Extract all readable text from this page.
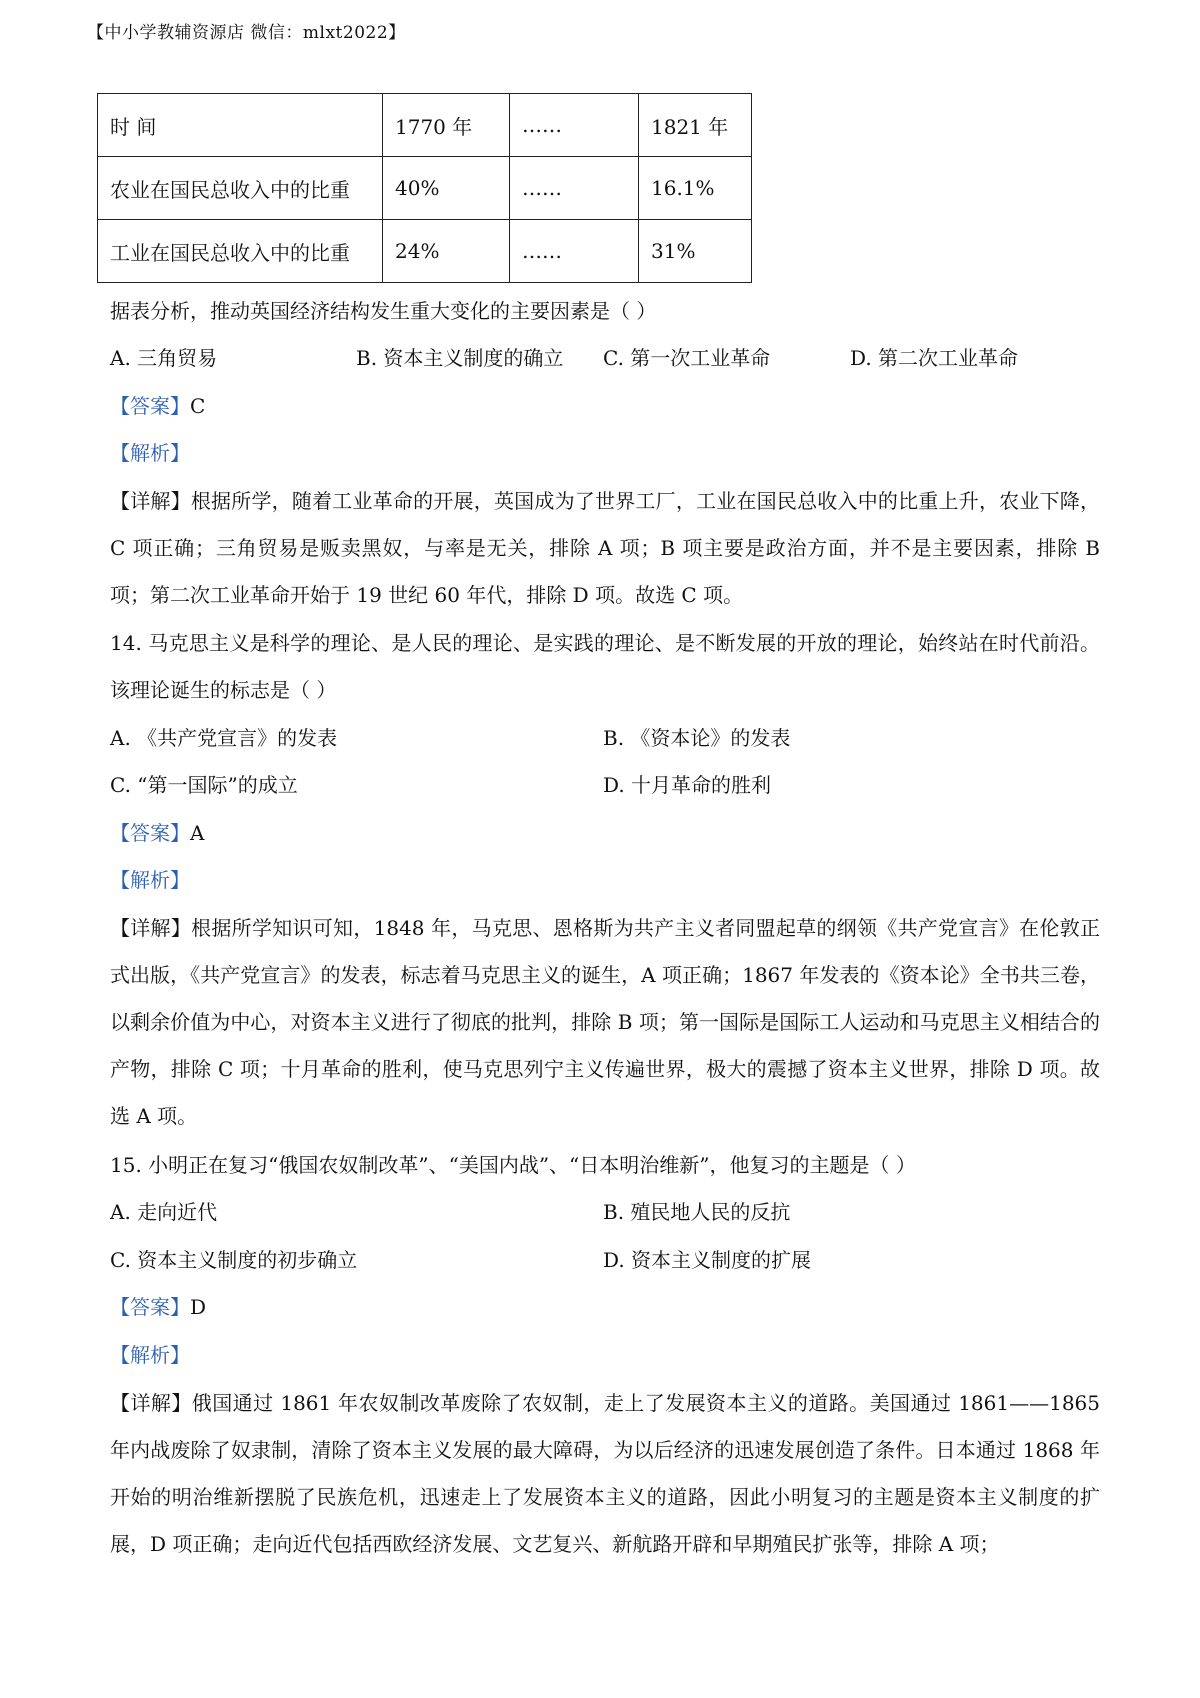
【中小学教辅资源店 微信：mlxt2022】
时 间	1770 年	……	1821 年
农业在国民总收入中的比重	40%	……	16.1%
工业在国民总收入中的比重	24%	……	31%
据表分析，推动英国经济结构发生重大变化的主要因素是（ ）
A. 三角贸易	B. 资本主义制度的确立 C. 第一次工业革命	D. 第二次工业革命
【答案】C
【解析】
【详解】根据所学，随着工业革命的开展，英国成为了世界工厂，工业在国民总收入中的比重上升，农业下降，C 项正确；三角贸易是贩卖黑奴，与率是无关，排除 A 项；B 项主要是政治方面，并不是主要因素，排除 B 项；第二次工业革命开始于 19 世纪 60 年代，排除 D 项。故选 C 项。
14. 马克思主义是科学的理论、是人民的理论、是实践的理论、是不断发展的开放的理论，始终站在时代前沿。该理论诞生的标志是（ ）
A. 《共产党宣言》的发表	B. 《资本论》的发表
C. “第一国际”的成立	D. 十月革命的胜利
【答案】A
【解析】
【详解】根据所学知识可知，1848 年，马克思、恩格斯为共产主义者同盟起草的纲领《共产党宣言》在伦敦正式出版，《共产党宣言》的发表，标志着马克思主义的诞生，A 项正确；1867 年发表的《资本论》全书共三卷，以剩余价值为中心，对资本主义进行了彻底的批判，排除 B 项；第一国际是国际工人运动和马克思主义相结合的产物，排除 C 项；十月革命的胜利，使马克思列宁主义传遍世界，极大的震撼了资本主义世界，排除 D 项。故选 A 项。
15. 小明正在复习“俄国农奴制改革”、“美国内战”、“日本明治维新”，他复习的主题是（ ）
A. 走向近代	B. 殖民地人民的反抗
C. 资本主义制度的初步确立	D. 资本主义制度的扩展
【答案】D
【解析】
【详解】俄国通过 1861 年农奴制改革废除了农奴制，走上了发展资本主义的道路。美国通过 1861——1865 年内战废除了奴隶制，清除了资本主义发展的最大障碍，为以后经济的迅速发展创造了条件。日本通过 1868 年开始的明治维新摆脱了民族危机，迅速走上了发展资本主义的道路，因此小明复习的主题是资本主义制度的扩展，D 项正确；走向近代包括西欧经济发展、文艺复兴、新航路开辟和早期殖民扩张等，排除 A 项；
